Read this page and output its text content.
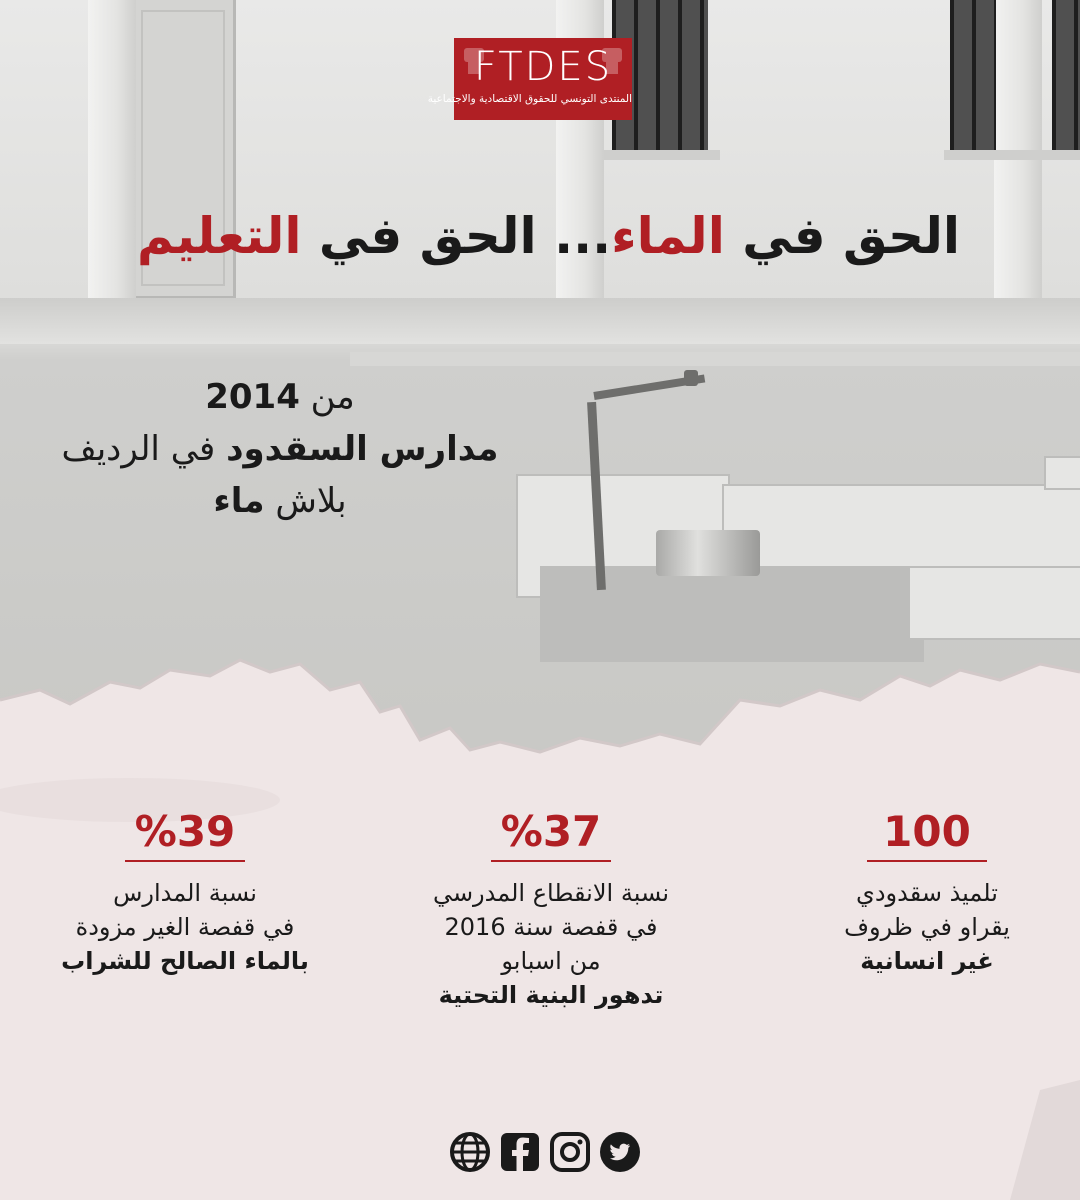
FTDES
المنتدى التونسي للحقوق الاقتصادية والاجتماعية
الحق في الماء... الحق في التعليم
من 2014
مدارس السقدود في الرديف
بلاش ماء
%39
نسبة المدارس
في قفصة الغير مزودة
بالماء الصالح للشراب
%37
نسبة الانقطاع المدرسي
في قفصة سنة 2016
من اسبابو
تدهور البنية التحتية
100
تلميذ سقدودي
يقراو في ظروف
غير انسانية
